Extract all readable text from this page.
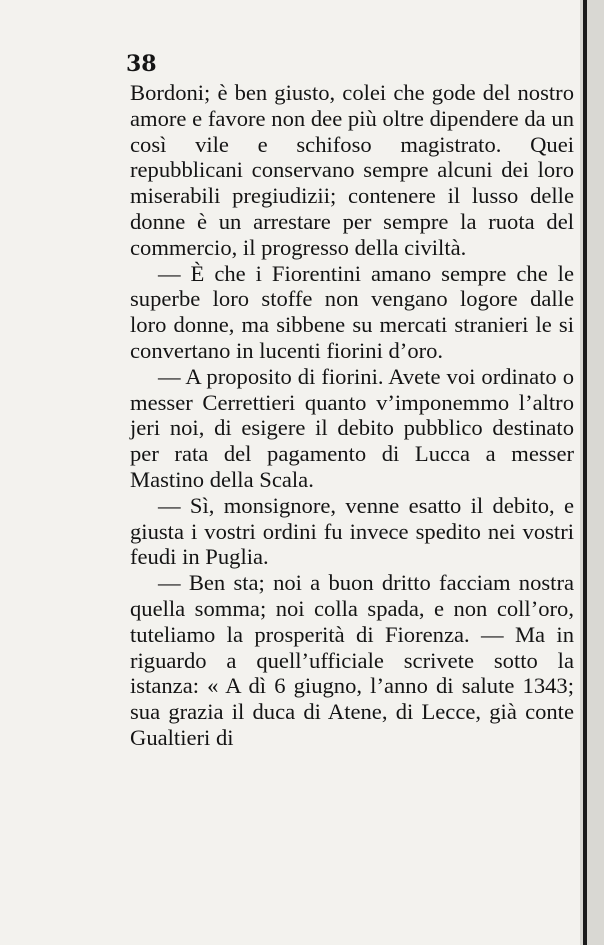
38

Bordoni; è ben giusto, colei che gode del nostro amore e favore non dee più oltre dipendere da un così vile e schifoso magistrato. Quei repubblicani conservano sempre alcuni dei loro miserabili pregiudizii; contenere il lusso delle donne è un arrestare per sempre la ruota del commercio, il progresso della civiltà.

— È che i Fiorentini amano sempre che le superbe loro stoffe non vengano logore dalle loro donne, ma sibbene su mercati stranieri le si convertano in lucenti fiorini d’oro.

— A proposito di fiorini. Avete voi ordinato o messer Cerrettieri quanto v’imponemmo l’altro jeri noi, di esigere il debito pubblico destinato per rata del pagamento di Lucca a messer Mastino della Scala.

— Sì, monsignore, venne esatto il debito, e giusta i vostri ordini fu invece spedito nei vostri feudi in Puglia.

— Ben sta; noi a buon dritto facciam nostra quella somma; noi colla spada, e non coll’oro, tuteliamo la prosperità di Fiorenza. — Ma in riguardo a quell’ufficiale scrivete sotto la istanza: « A dì 6 giugno, l’anno di salute 1343; sua grazia il duca di Atene, di Lecce, già conte Gualtieri di
